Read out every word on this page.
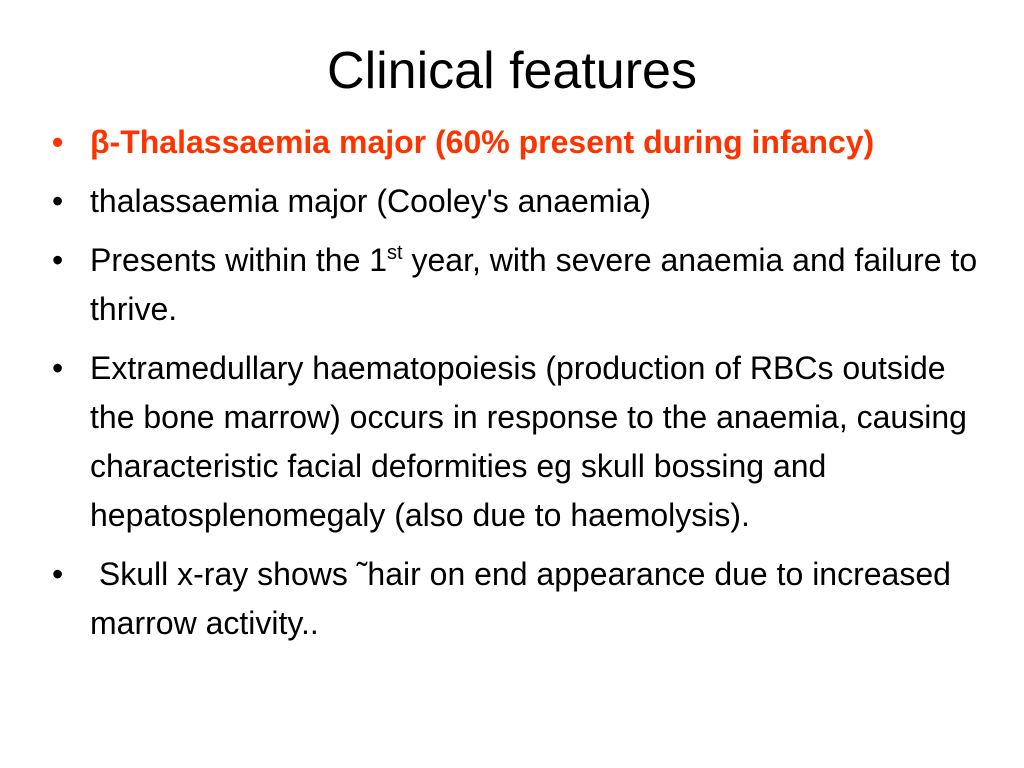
Clinical features
• β-Thalassaemia major (60% present during infancy)
• thalassaemia major (Cooley's anaemia)
• Presents within the 1st year, with severe anaemia and failure to thrive.
• Extramedullary haematopoiesis (production of RBCs outside the bone marrow) occurs in response to the anaemia, causing characteristic facial deformities eg skull bossing and hepatosplenomegaly (also due to haemolysis).
• Skull x-ray shows ˜hair on end appearance due to increased marrow activity..
